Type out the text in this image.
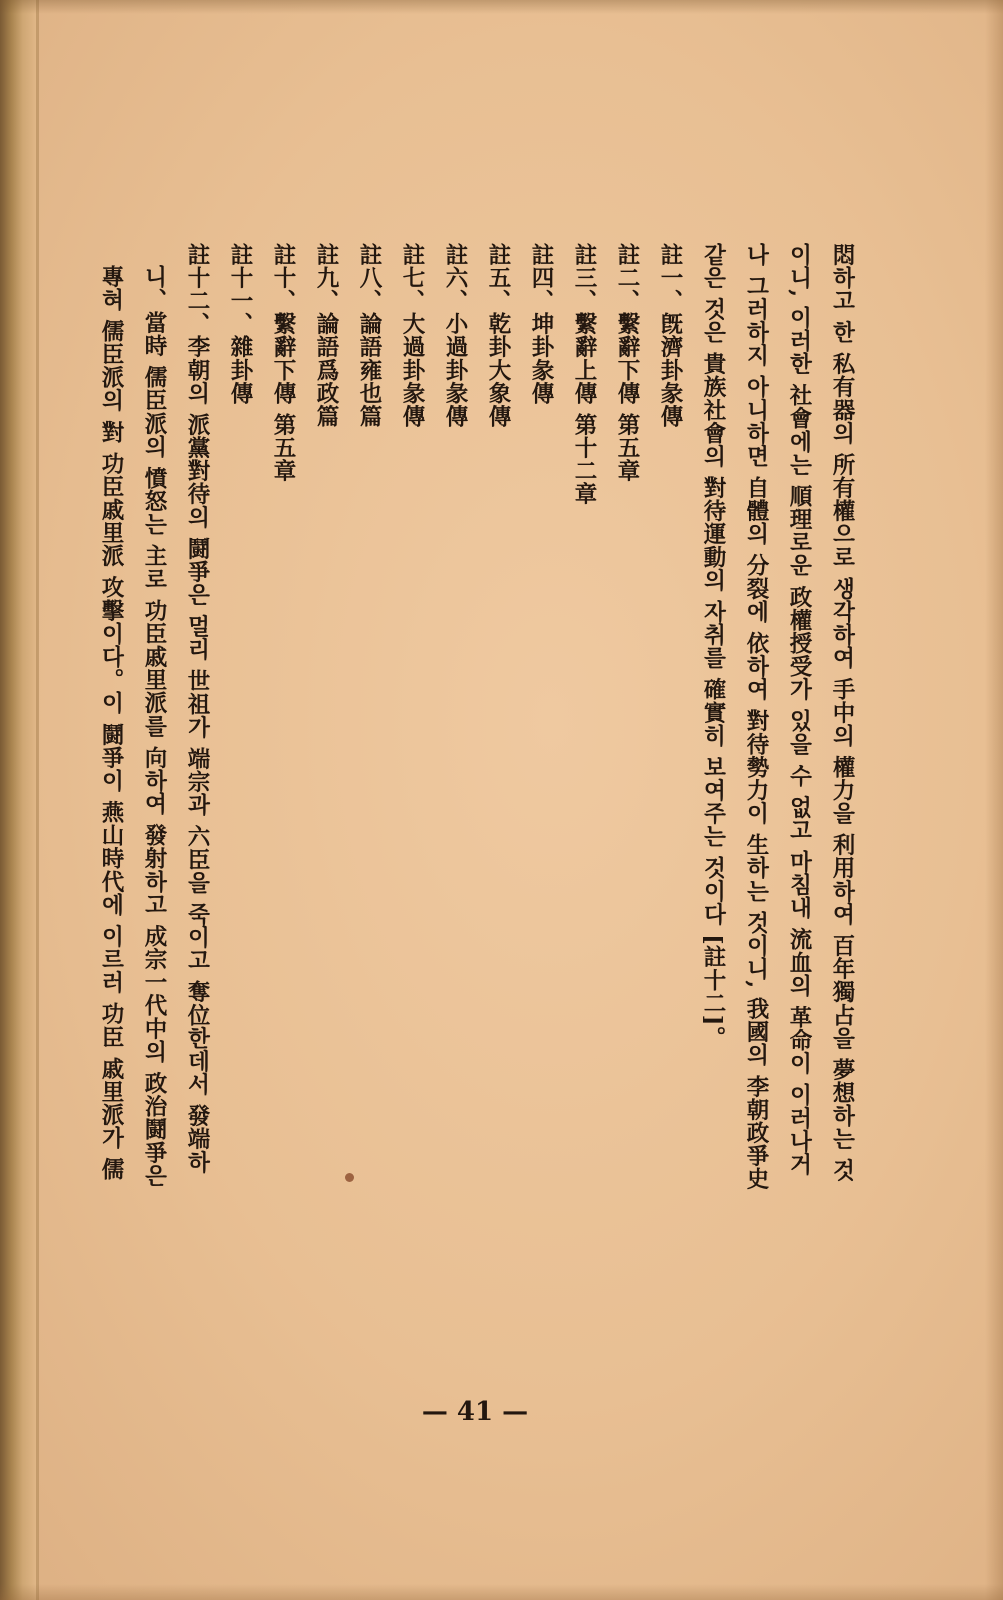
悶하고 한 私有器의 所有權으로 생각하여 手中의 權力을 利用하여 百年獨占을 夢想하는 것

이니, 이러한 社會에는 順理로운 政權授受가 있을 수 없고 마침내 流血의 革命이 이러나거

나 그러하지 아니하면 自體의 分裂에 依하여 對待勢力이 生하는 것이니, 我國의 李朝政爭史

같은 것은 貴族社會의 對待運動의 자취를 確實히 보여주는 것이다 [註十二]。

註一、旣濟卦彖傳
註二、繫辭下傳 第五章
註三、繫辭上傳 第十二章
註四、坤卦彖傳
註五、乾卦大象傳
註六、小過卦彖傳
註七、大過卦彖傳
註八、論語雍也篇
註九、論語爲政篇
註十、繫辭下傳 第五章
註十一、雜卦傳
註十二、李朝의 派黨對待의 鬪爭은 멀리 世祖가 端宗과 六臣을 죽이고 奪位한데서 發端하
니、當時 儒臣派의 憤怒는 主로 功臣戚里派를 向하여 發射하고 成宗一代中의 政治鬪爭은
專혀 儒臣派의 對 功臣戚里派 攻擊이다。이 鬪爭이 燕山時代에 이르러 功臣 戚里派가 儒
— 41 —
